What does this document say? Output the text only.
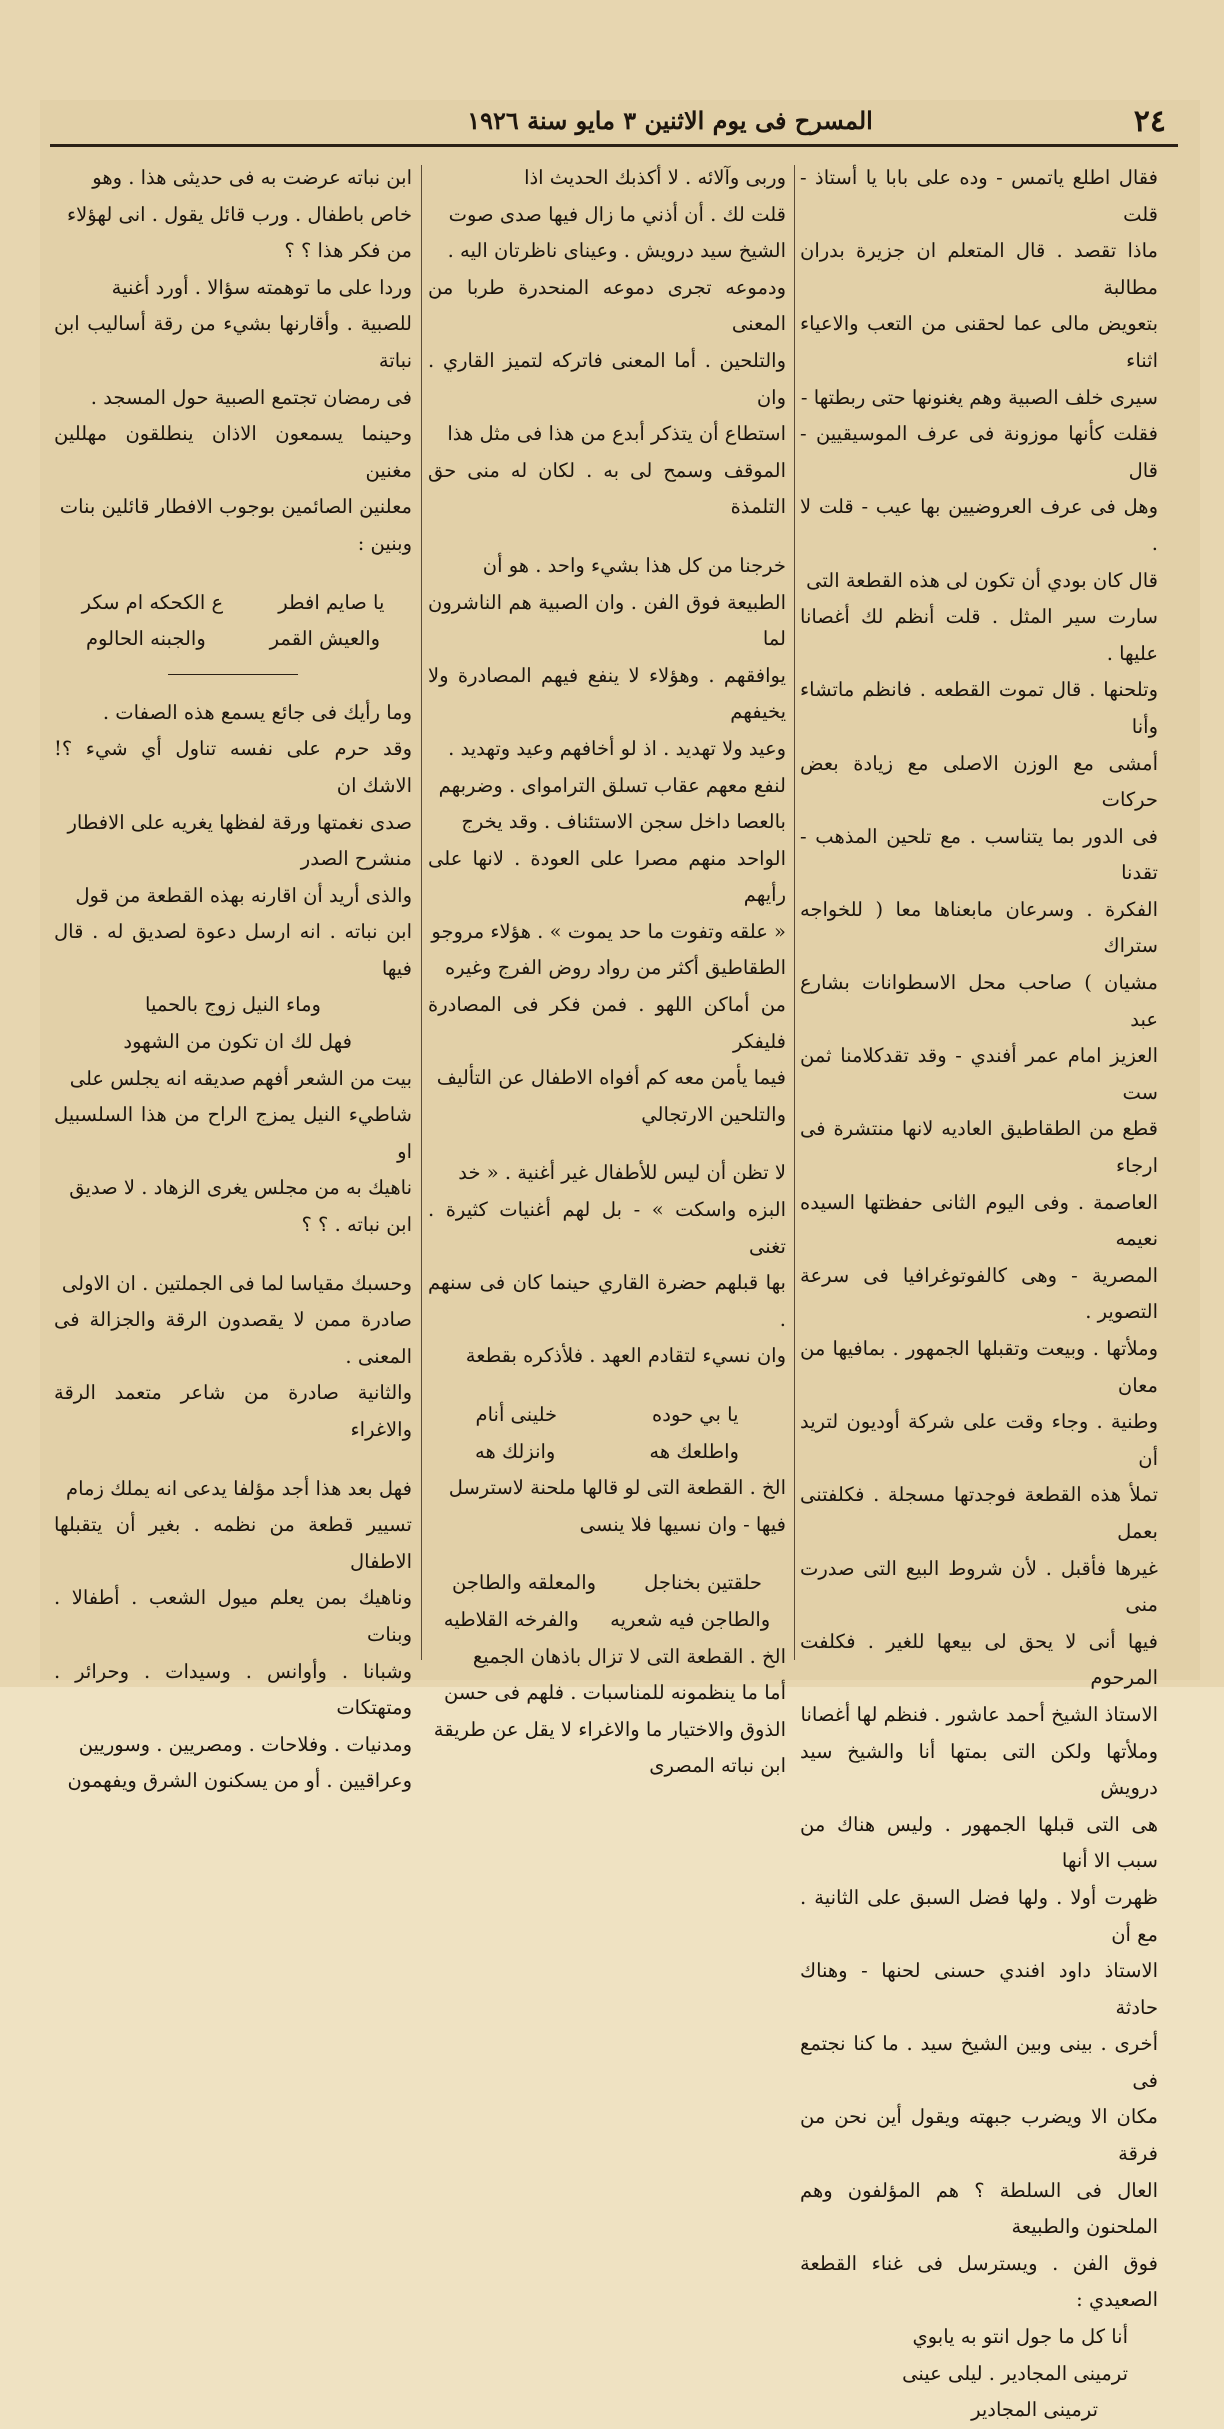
٢٤
المسرح فى يوم الاثنين ٣ مايو سنة ١٩٢٦

فقال اطلع ياتمس - وده على بابا يا أستاذ - قلت

ماذا تقصد . قال المتعلم ان جزيرة بدران مطالبة

بتعويض مالى عما لحقنى من التعب والاعياء اثناء

سيرى خلف الصبية وهم يغنونها حتى ربطتها -

فقلت كأنها موزونة فى عرف الموسيقيين - قال

وهل فى عرف العروضيين بها عيب - قلت لا .

قال كان بودي أن تكون لى هذه القطعة التى

سارت سير المثل . قلت أنظم لك أغصانا عليها .

وتلحنها . قال تموت القطعه . فانظم ماتشاء وأنا

أمشى مع الوزن الاصلى مع زيادة بعض حركات

فى الدور بما يتناسب . مع تلحين المذهب - تقدنا

الفكرة . وسرعان مابعناها معا ( للخواجه ستراك

مشيان ) صاحب محل الاسطوانات بشارع عبد

العزيز امام عمر أفندي - وقد تقدكلامنا ثمن ست

قطع من الطقاطيق العاديه لانها منتشرة فى ارجاء

العاصمة . وفى اليوم الثانى حفظتها السيده نعيمه

المصرية - وهى كالفوتوغرافيا فى سرعة التصوير .

وملأتها . وبيعت وتقبلها الجمهور . بمافيها من معان

وطنية . وجاء وقت على شركة أوديون لتريد أن

تملأ هذه القطعة فوجدتها مسجلة . فكلفتنى بعمل

غيرها فأقبل . لأن شروط البيع التى صدرت منى

فيها أنى لا يحق لى بيعها للغير . فكلفت المرحوم

الاستاذ الشيخ أحمد عاشور . فنظم لها أغصانا

وملأتها ولكن التى بمتها أنا والشيخ سيد درويش

هى التى قبلها الجمهور . وليس هناك من سبب الا أنها

ظهرت أولا . ولها فضل السبق على الثانية . مع أن

الاستاذ داود افندي حسنى لحنها - وهناك حادثة

أخرى . بينى وبين الشيخ سيد . ما كنا نجتمع فى

مكان الا ويضرب جبهته ويقول أين نحن من فرقة

العال فى السلطة ؟ هم المؤلفون وهم الملحنون والطبيعة

فوق الفن . ويسترسل فى غناء القطعة الصعيدي :

أنا كل ما جول انتو به يابوي

ترمينى المجادير . ليلى عينى

ترمينى المجادير

وربى وآلائه . لا أكذبك الحديث اذا

قلت لك . أن أذني ما زال فيها صدى صوت

الشيخ سيد درويش . وعيناى ناظرتان اليه .

ودموعه تجرى دموعه المنحدرة طربا من المعنى

والتلحين . أما المعنى فاتركه لتميز القاري . وان

استطاع أن يتذكر أبدع من هذا فى مثل هذا

الموقف وسمح لى به . لكان له منى حق التلمذة

خرجنا من كل هذا بشيء واحد . هو أن

الطبيعة فوق الفن . وان الصبية هم الناشرون لما

يوافقهم . وهؤلاء لا ينفع فيهم المصادرة ولا يخيفهم

وعيد ولا تهديد . اذ لو أخافهم وعيد وتهديد .

لنفع معهم عقاب تسلق الترامواى . وضربهم

بالعصا داخل سجن الاستئناف . وقد يخرج

الواحد منهم مصرا على العودة . لانها على رأيهم

« علقه وتفوت ما حد يموت » . هؤلاء مروجو

الطقاطيق أكثر من رواد روض الفرج وغيره

من أماكن اللهو . فمن فكر فى المصادرة فليفكر

فيما يأمن معه كم أفواه الاطفال عن التأليف

والتلحين الارتجالي

لا تظن أن ليس للأطفال غير أغنية . « خد

البزه واسكت » - بل لهم أغنيات كثيرة . تغنى

بها قبلهم حضرة القاري حينما كان فى سنهم .

وان نسيء لتقادم العهد . فلأذكره بقطعة

يا بي حوده
خلينى أنام
واطلعك هه
وانزلك هه

الخ . القطعة التى لو قالها ملحنة لاسترسل

فيها - وان نسيها فلا ينسى

حلقتين بخناجل
والمعلقه والطاجن
والطاجن فيه شعريه
والفرخه القلاطيه

الخ . القطعة التى لا تزال باذهان الجميع

أما ما ينظمونه للمناسبات . فلهم فى حسن

الذوق والاختيار ما والاغراء لا يقل عن طريقة

ابن نباته المصرى

ابن نباته عرضت به فى حديثى هذا . وهو

خاص باطفال . ورب قائل يقول . انى لهؤلاء

من فكر هذا ؟ ؟

وردا على ما توهمته سؤالا . أورد أغنية

للصبية . وأقارنها بشيء من رقة أساليب ابن نباتة

فى رمضان تجتمع الصبية حول المسجد .

وحينما يسمعون الاذان ينطلقون مهللين مغنين

معلنين الصائمين بوجوب الافطار قائلين بنات

وبنين :

يا صايم افطر
ع الكحكه ام سكر
والعيش القمر
والجبنه الحالوم

وما رأيك فى جائع يسمع هذه الصفات .

وقد حرم على نفسه تناول أي شيء ؟! الاشك ان

صدى نغمتها ورقة لفظها يغريه على الافطار

منشرح الصدر

والذى أريد أن اقارنه بهذه القطعة من قول

ابن نباته . انه ارسل دعوة لصديق له . قال فيها

وماء النيل زوج بالحميا

فهل لك ان تكون من الشهود

بيت من الشعر أفهم صديقه انه يجلس على

شاطيء النيل يمزج الراح من هذا السلسبيل او

ناهيك به من مجلس يغرى الزهاد . لا صديق

ابن نباته . ؟ ؟

وحسبك مقياسا لما فى الجملتين . ان الاولى

صادرة ممن لا يقصدون الرقة والجزالة فى المعنى .

والثانية صادرة من شاعر متعمد الرقة والاغراء

فهل بعد هذا أجد مؤلفا يدعى انه يملك زمام

تسيير قطعة من نظمه . بغير أن يتقبلها الاطفال

وناهيك بمن يعلم ميول الشعب . أطفالا . وبنات

وشبانا . وأوانس . وسيدات . وحرائر . ومتهتكات

ومدنيات . وفلاحات . ومصريين . وسوريين

وعراقيين . أو من يسكنون الشرق ويفهمون
